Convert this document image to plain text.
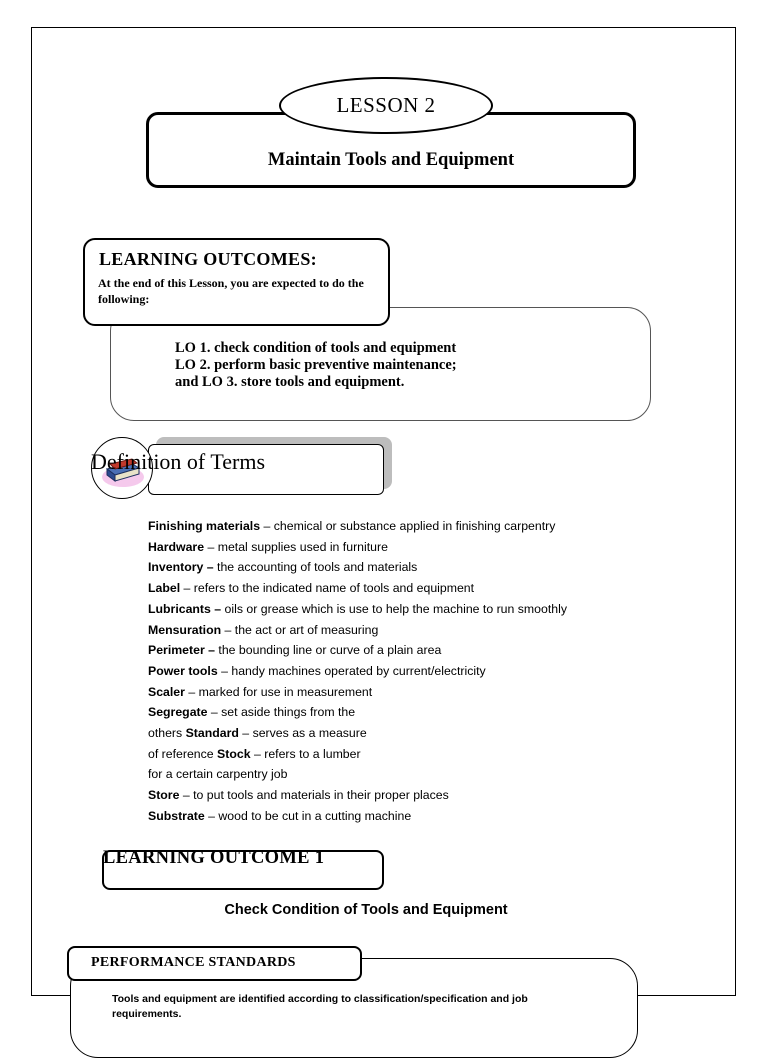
LESSON 2
Maintain Tools and Equipment
LEARNING OUTCOMES:
At the end of this Lesson, you are expected to do the following:
LO 1. check condition of tools and equipment
LO 2. perform basic preventive maintenance;
and LO 3. store tools and equipment.
Definition of Terms
Finishing materials – chemical or substance applied in finishing carpentry
Hardware – metal supplies used in furniture
Inventory – the accounting of tools and materials
Label – refers to the indicated name of tools and equipment
Lubricants – oils or grease which is use to help the machine to run smoothly
Mensuration – the act or art of measuring
Perimeter – the bounding line or curve of a plain area
Power tools – handy machines operated by current/electricity
Scaler – marked for use in measurement
Segregate – set aside things from the
others Standard – serves as a measure
of reference Stock – refers to a lumber
for a certain carpentry job
Store – to put tools and materials in their proper places
Substrate – wood to be cut in a cutting machine
LEARNING OUTCOME 1
Check Condition of Tools and Equipment
PERFORMANCE STANDARDS
Tools and equipment are identified according to classification/specification and job requirements.
